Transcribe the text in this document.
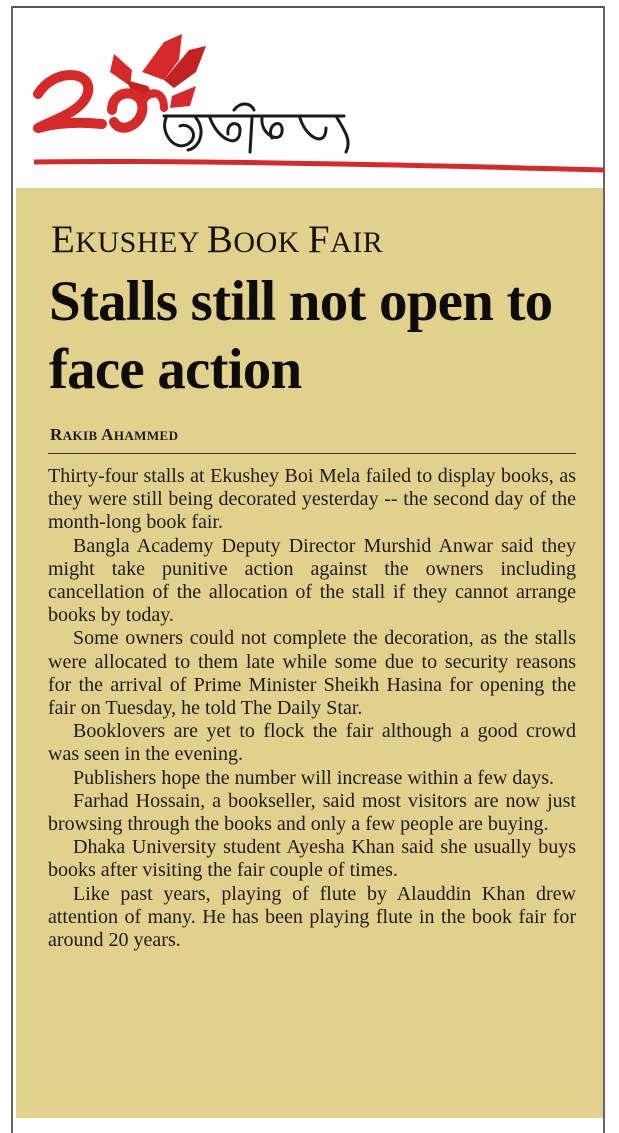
EKUSHEY BOOK FAIR
Stalls still not open to face action
RAKIB AHAMMED

Thirty-four stalls at Ekushey Boi Mela failed to display books, as they were still being decorated yesterday -- the second day of the month-long book fair.

Bangla Academy Deputy Director Murshid Anwar said they might take punitive action against the owners including cancellation of the allocation of the stall if they cannot arrange books by today.

Some owners could not complete the decoration, as the stalls were allocated to them late while some due to security reasons for the arrival of Prime Minister Sheikh Hasina for opening the fair on Tuesday, he told The Daily Star.

Booklovers are yet to flock the fair although a good crowd was seen in the evening.

Publishers hope the number will increase within a few days.

Farhad Hossain, a bookseller, said most visitors are now just browsing through the books and only a few people are buying.

Dhaka University student Ayesha Khan said she usually buys books after visiting the fair couple of times.

Like past years, playing of flute by Alauddin Khan drew attention of many. He has been playing flute in the book fair for around 20 years.
